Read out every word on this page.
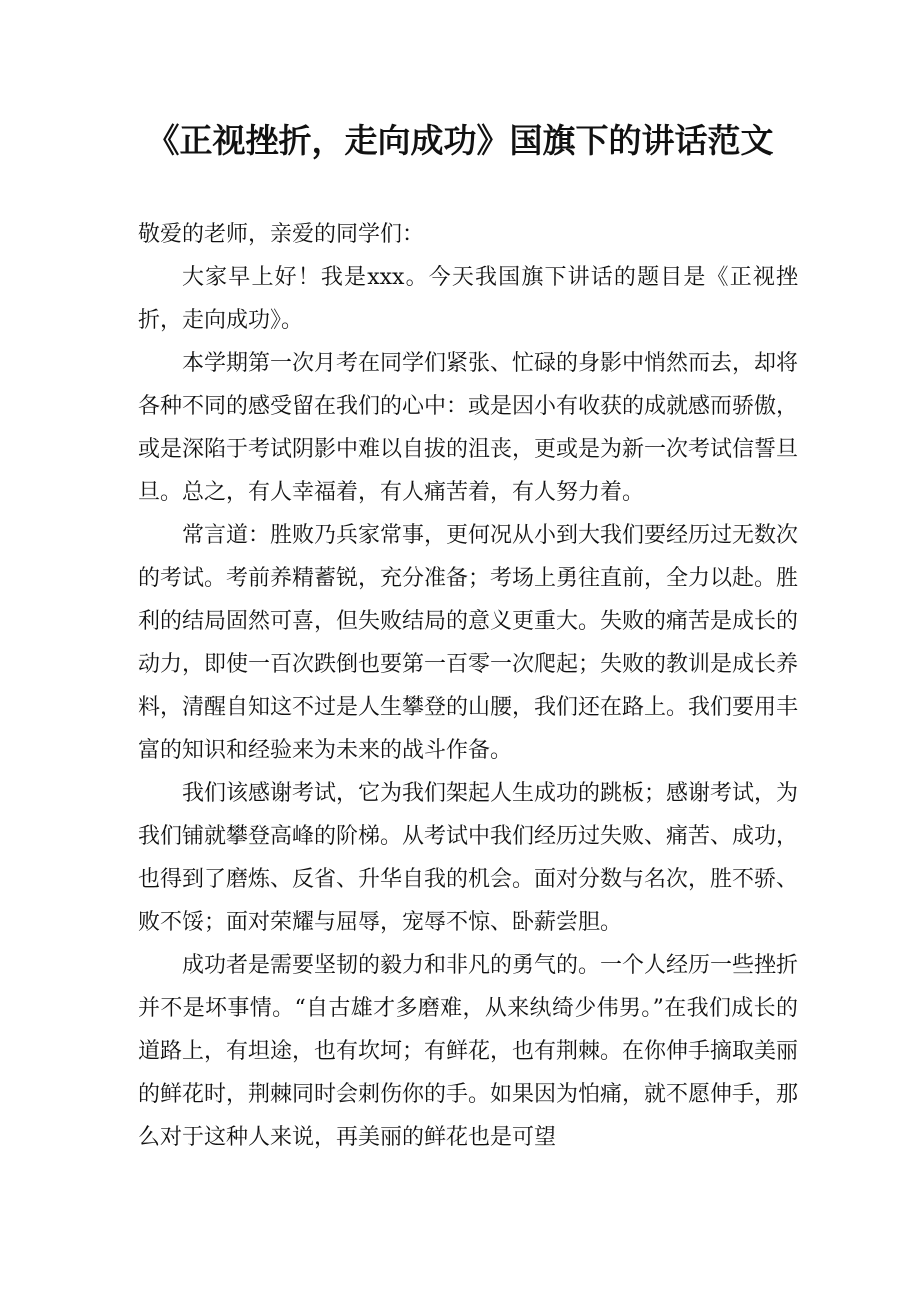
《正视挫折，走向成功》国旗下的讲话范文

敬爱的老师，亲爱的同学们：

大家早上好！我是xxx。今天我国旗下讲话的题目是《正视挫折，走向成功》。

本学期第一次月考在同学们紧张、忙碌的身影中悄然而去，却将各种不同的感受留在我们的心中：或是因小有收获的成就感而骄傲，或是深陷于考试阴影中难以自拔的沮丧，更或是为新一次考试信誓旦旦。总之，有人幸福着，有人痛苦着，有人努力着。

常言道：胜败乃兵家常事，更何况从小到大我们要经历过无数次的考试。考前养精蓄锐，充分准备；考场上勇往直前，全力以赴。胜利的结局固然可喜，但失败结局的意义更重大。失败的痛苦是成长的动力，即使一百次跌倒也要第一百零一次爬起；失败的教训是成长养料，清醒自知这不过是人生攀登的山腰，我们还在路上。我们要用丰富的知识和经验来为未来的战斗作备。

我们该感谢考试，它为我们架起人生成功的跳板；感谢考试，为我们铺就攀登高峰的阶梯。从考试中我们经历过失败、痛苦、成功，也得到了磨炼、反省、升华自我的机会。面对分数与名次，胜不骄、败不馁；面对荣耀与屈辱，宠辱不惊、卧薪尝胆。

成功者是需要坚韧的毅力和非凡的勇气的。一个人经历一些挫折并不是坏事情。“自古雄才多磨难，从来纨绮少伟男。”在我们成长的道路上，有坦途，也有坎坷；有鲜花，也有荆棘。在你伸手摘取美丽的鲜花时，荆棘同时会刺伤你的手。如果因为怕痛，就不愿伸手，那么对于这种人来说，再美丽的鲜花也是可望
